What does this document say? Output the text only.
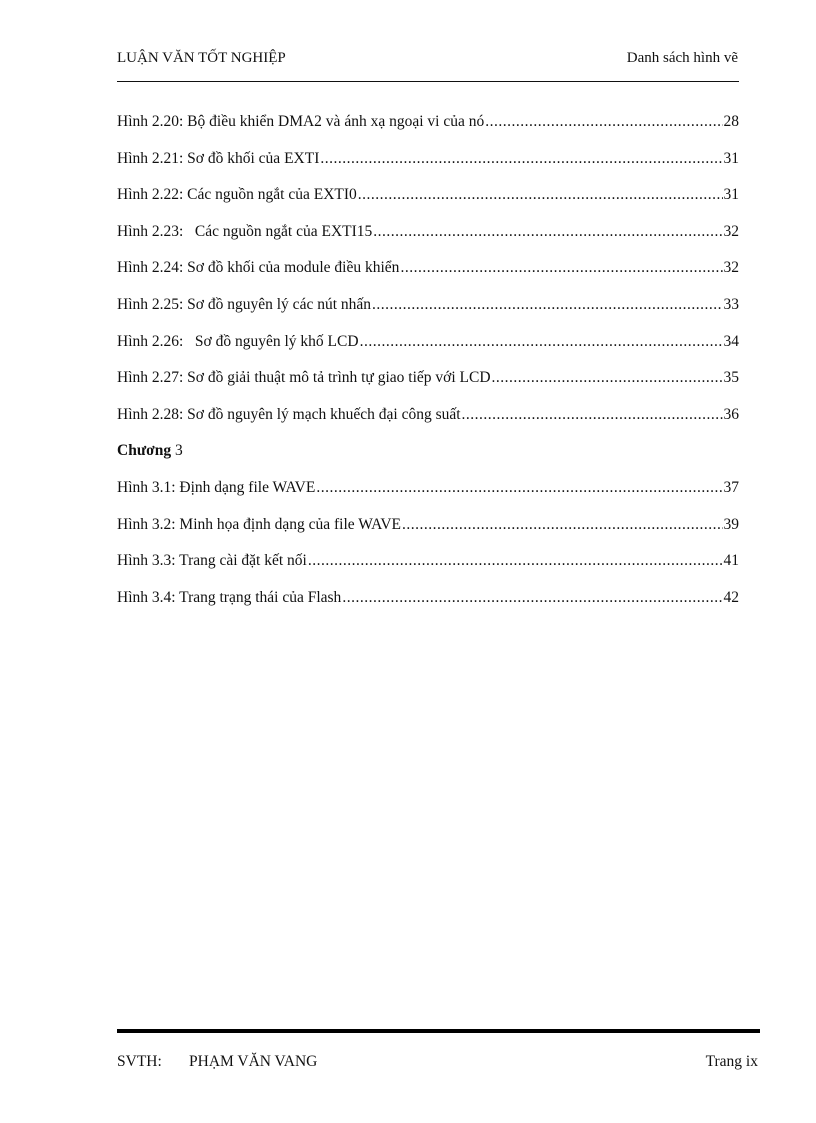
LUẬN VĂN TỐT NGHIỆP	Danh sách hình vẽ
Hình 2.20: Bộ điều khiển DMA2 và ánh xạ ngoại vi của nó .....	28
Hình 2.21: Sơ đồ khối của EXTI .....	31
Hình 2.22: Các nguồn ngắt của EXTI0 .....	31
Hình 2.23:   Các nguồn ngắt của EXTI15 .....	32
Hình 2.24: Sơ đồ khối của module điều khiển .....	32
Hình 2.25: Sơ đồ nguyên lý các nút nhấn .....	33
Hình 2.26:   Sơ đồ nguyên lý khố LCD .....	34
Hình 2.27: Sơ đồ giải thuật mô tả trình tự giao tiếp với LCD .....	35
Hình 2.28: Sơ đồ nguyên lý mạch khuếch đại công suất .....	36
Chương 3
Hình 3.1: Định dạng file WAVE .....	37
Hình 3.2: Minh họa định dạng của file WAVE .....	39
Hình 3.3: Trang cài đặt kết nối .....	41
Hình 3.4: Trang trạng thái của Flash .....	42
SVTH:	PHẠM VĂN VANG	Trang ix
